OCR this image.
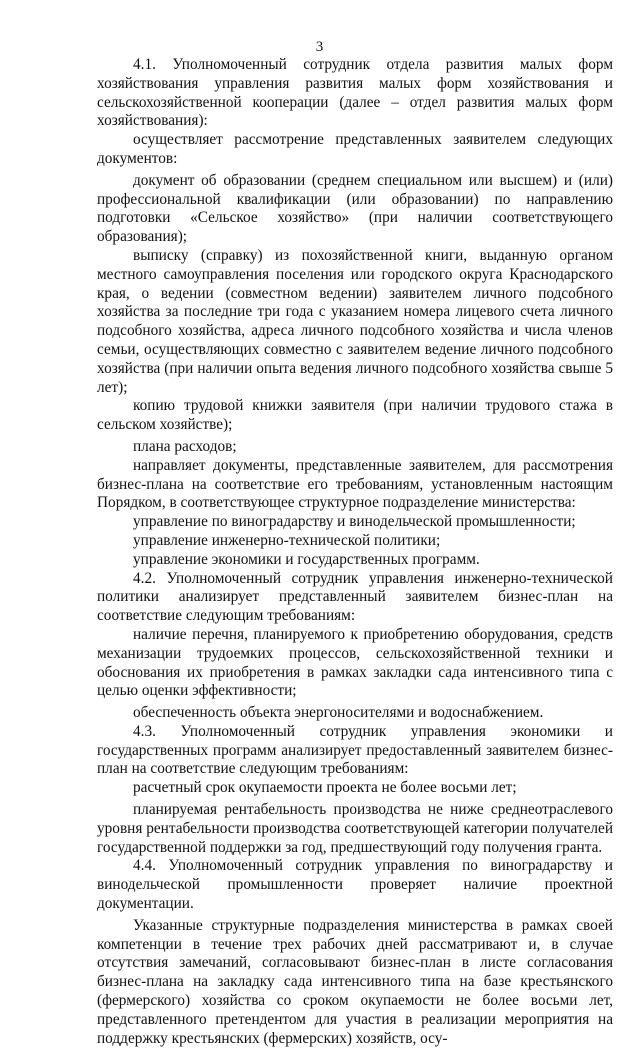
3

4.1. Уполномоченный сотрудник отдела развития малых форм хозяйствования управления развития малых форм хозяйствования и сельскохозяйственной кооперации (далее – отдел развития малых форм хозяйствования):

осуществляет рассмотрение представленных заявителем следующих документов:

документ об образовании (среднем специальном или высшем) и (или) профессиональной квалификации (или образовании) по направлению подготовки «Сельское хозяйство» (при наличии соответствующего образования);

выписку (справку) из похозяйственной книги, выданную органом местного самоуправления поселения или городского округа Краснодарского края, о ведении (совместном ведении) заявителем личного подсобного хозяйства за последние три года с указанием номера лицевого счета личного подсобного хозяйства, адреса личного подсобного хозяйства и числа членов семьи, осуществляющих совместно с заявителем ведение личного подсобного хозяйства (при наличии опыта ведения личного подсобного хозяйства свыше 5 лет);

копию трудовой книжки заявителя (при наличии трудового стажа в сельском хозяйстве);

плана расходов;

направляет документы, представленные заявителем, для рассмотрения бизнес-плана на соответствие его требованиям, установленным настоящим Порядком, в соответствующее структурное подразделение министерства:

управление по виноградарству и винодельческой промышленности;

управление инженерно-технической политики;

управление экономики и государственных программ.

4.2. Уполномоченный сотрудник управления инженерно-технической политики анализирует представленный заявителем бизнес-план на соответствие следующим требованиям:

наличие перечня, планируемого к приобретению оборудования, средств механизации трудоемких процессов, сельскохозяйственной техники и обоснования их приобретения в рамках закладки сада интенсивного типа с целью оценки эффективности;

обеспеченность объекта энергоносителями и водоснабжением.

4.3. Уполномоченный сотрудник управления экономики и государственных программ анализирует предоставленный заявителем бизнес-план на соответствие следующим требованиям:

расчетный срок окупаемости проекта не более восьми лет;

планируемая рентабельность производства не ниже среднеотраслевого уровня рентабельности производства соответствующей категории получателей государственной поддержки за год, предшествующий году получения гранта.

4.4. Уполномоченный сотрудник управления по виноградарству и винодельческой промышленности проверяет наличие проектной документации.

Указанные структурные подразделения министерства в рамках своей компетенции в течение трех рабочих дней рассматривают и, в случае отсутствия замечаний, согласовывают бизнес-план в листе согласования бизнес-плана на закладку сада интенсивного типа на базе крестьянского (фермерского) хозяйства со сроком окупаемости не более восьми лет, представленного претендентом для участия в реализации мероприятия на поддержку крестьянских (фермерских) хозяйств, осу-
